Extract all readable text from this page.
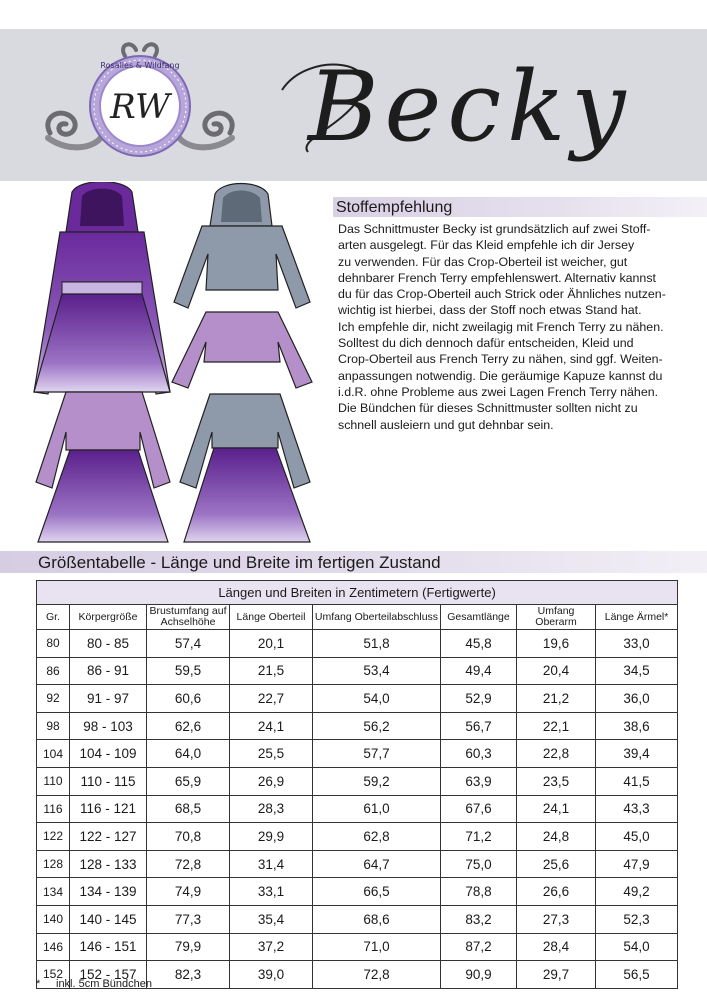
Rosalies & Wildfang
RW Becky
Stoffempfehlung
Das Schnittmuster Becky ist grundsätzlich auf zwei Stoff-
arten ausgelegt. Für das Kleid empfehle ich dir Jersey
zu verwenden. Für das Crop-Oberteil ist weicher, gut
dehnbarer French Terry empfehlenswert. Alternativ kannst
du für das Crop-Oberteil auch Strick oder Ähnliches nutzen-
wichtig ist hierbei, dass der Stoff noch etwas Stand hat.
Ich empfehle dir, nicht zweilagig mit French Terry zu nähen.
Solltest du dich dennoch dafür entscheiden, Kleid und
Crop-Oberteil aus French Terry zu nähen, sind ggf. Weiten-
anpassungen notwendig. Die geräumige Kapuze kannst du
i.d.R. ohne Probleme aus zwei Lagen French Terry nähen.
Die Bündchen für dieses Schnittmuster sollten nicht zu
schnell ausleiern und gut dehnbar sein.
Größentabelle - Länge und Breite im fertigen Zustand
Längen und Breiten in Zentimetern (Fertigwerte)							
Gr.	Körpergröße	Brustumfang auf Achselhöhe	Länge Oberteil	Umfang Oberteilabschluss	Gesamtlänge	Umfang Oberarm	Länge Ärmel*
80	80 - 85	57,4	20,1	51,8	45,8	19,6	33,0
86	86 - 91	59,5	21,5	53,4	49,4	20,4	34,5
92	91 - 97	60,6	22,7	54,0	52,9	21,2	36,0
98	98 - 103	62,6	24,1	56,2	56,7	22,1	38,6
104	104 - 109	64,0	25,5	57,7	60,3	22,8	39,4
110	110 - 115	65,9	26,9	59,2	63,9	23,5	41,5
116	116 - 121	68,5	28,3	61,0	67,6	24,1	43,3
122	122 - 127	70,8	29,9	62,8	71,2	24,8	45,0
128	128 - 133	72,8	31,4	64,7	75,0	25,6	47,9
134	134 - 139	74,9	33,1	66,5	78,8	26,6	49,2
140	140 - 145	77,3	35,4	68,6	83,2	27,3	52,3
146	146 - 151	79,9	37,2	71,0	87,2	28,4	54,0
152	152 - 157	82,3	39,0	72,8	90,9	29,7	56,5
* inkl. 5cm Bündchen
